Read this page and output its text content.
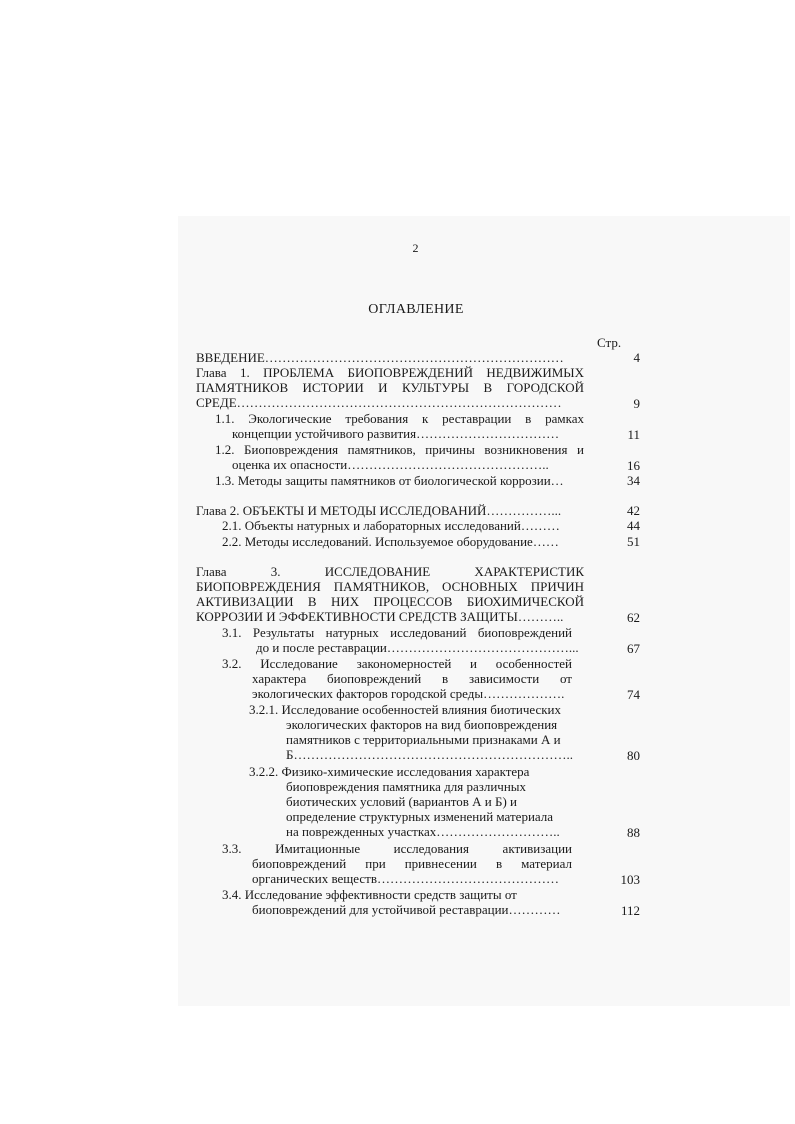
2
ОГЛАВЛЕНИЕ
Стр.
ВВЕДЕНИЕ……………………………………………………………	4
Глава 1. ПРОБЛЕМА БИОПОВРЕЖДЕНИЙ НЕДВИЖИМЫХ
ПАМЯТНИКОВ ИСТОРИИ И КУЛЬТУРЫ В ГОРОДСКОЙ
СРЕДЕ…………………………………………………………………	9
1.1. Экологические требования к реставрации в рамках
концепции устойчивого развития……………………………	11
1.2. Биоповреждения памятников, причины возникновения и
оценка их опасности………………………………………..	16
1.3. Методы защиты памятников от биологической коррозии…	34
Глава 2. ОБЪЕКТЫ И МЕТОДЫ ИССЛЕДОВАНИЙ……………...	42
2.1. Объекты натурных и лабораторных исследований………	44
2.2. Методы исследований. Используемое оборудование……	51
Глава 3. ИССЛЕДОВАНИЕ ХАРАКТЕРИСТИК
БИОПОВРЕЖДЕНИЯ ПАМЯТНИКОВ, ОСНОВНЫХ ПРИЧИН
АКТИВИЗАЦИИ В НИХ ПРОЦЕССОВ БИОХИМИЧЕСКОЙ
КОРРОЗИИ И ЭФФЕКТИВНОСТИ СРЕДСТВ ЗАЩИТЫ………..	62
3.1. Результаты натурных исследований биоповреждений
до и после реставрации……………………………………...	67
3.2. Исследование закономерностей и особенностей
характера биоповреждений в зависимости от
экологических факторов городской среды……………….	74
3.2.1. Исследование особенностей влияния биотических
экологических факторов на вид биоповреждения
памятников с территориальными признаками А и
Б………………………………………………………..	80
3.2.2. Физико-химические исследования характера
биоповреждения памятника для различных
биотических условий (вариантов А и Б) и
определение структурных изменений материала
на поврежденных участках………………………..	88
3.3. Имитационные исследования активизации
биоповреждений при привнесении в материал
органических веществ……………………………………	103
3.4. Исследование эффективности средств защиты от
биоповреждений для устойчивой реставрации…………	112
